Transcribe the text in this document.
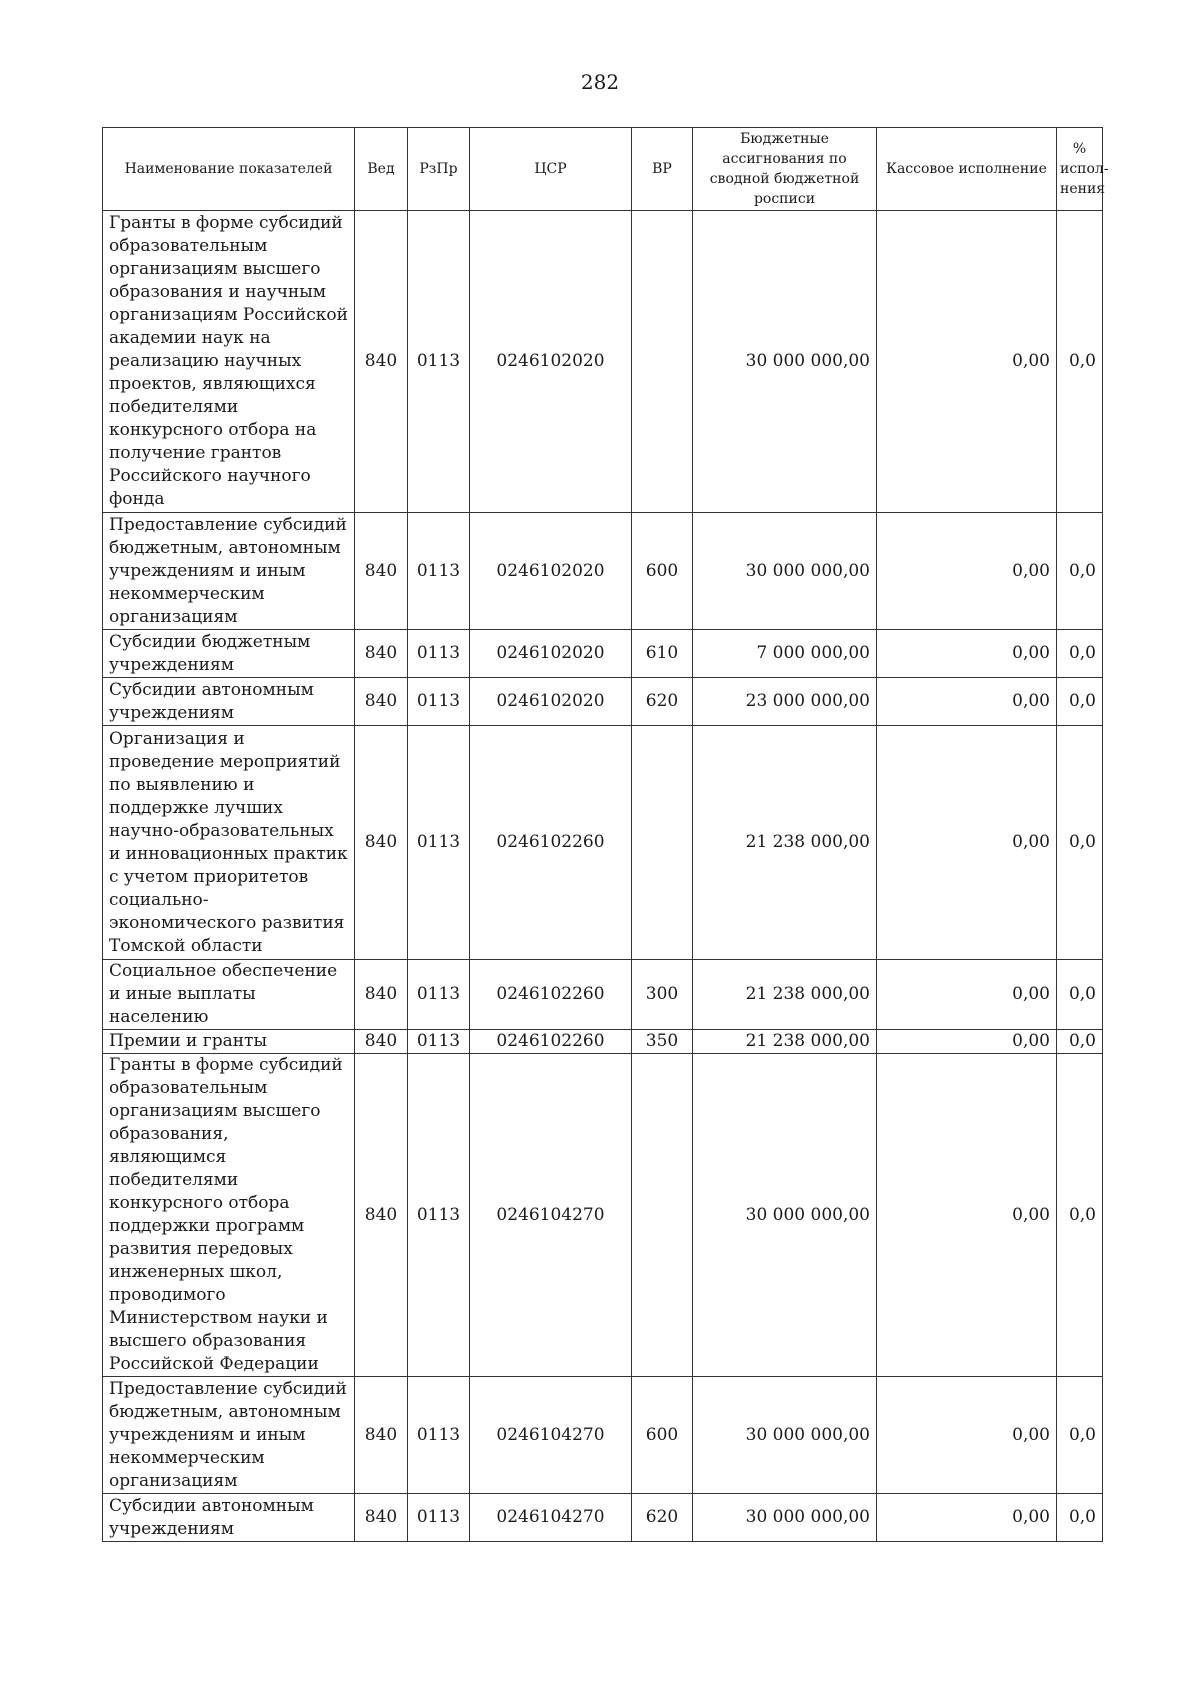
282
Наименование показателей	Вед	РзПр	ЦСР	ВР	Бюджетные ассигнования по сводной бюджетной росписи	Кассовое исполнение	% испол-нения
Гранты в форме субсидий образовательным организациям высшего образования и научным организациям Российской академии наук на реализацию научных проектов, являющихся победителями конкурсного отбора на получение грантов Российского научного фонда	840	0113	0246102020		30 000 000,00	0,00	0,0
Предоставление субсидий бюджетным, автономным учреждениям и иным некоммерческим организациям	840	0113	0246102020	600	30 000 000,00	0,00	0,0
Субсидии бюджетным учреждениям	840	0113	0246102020	610	7 000 000,00	0,00	0,0
Субсидии автономным учреждениям	840	0113	0246102020	620	23 000 000,00	0,00	0,0
Организация и проведение мероприятий по выявлению и поддержке лучших научно-образовательных и инновационных практик с учетом приоритетов социально-экономического развития Томской области	840	0113	0246102260		21 238 000,00	0,00	0,0
Социальное обеспечение и иные выплаты населению	840	0113	0246102260	300	21 238 000,00	0,00	0,0
Премии и гранты	840	0113	0246102260	350	21 238 000,00	0,00	0,0
Гранты в форме субсидий образовательным организациям высшего образования, являющимся победителями конкурсного отбора поддержки программ развития передовых инженерных школ, проводимого Министерством науки и высшего образования Российской Федерации	840	0113	0246104270		30 000 000,00	0,00	0,0
Предоставление субсидий бюджетным, автономным учреждениям и иным некоммерческим организациям	840	0113	0246104270	600	30 000 000,00	0,00	0,0
Субсидии автономным учреждениям	840	0113	0246104270	620	30 000 000,00	0,00	0,0
